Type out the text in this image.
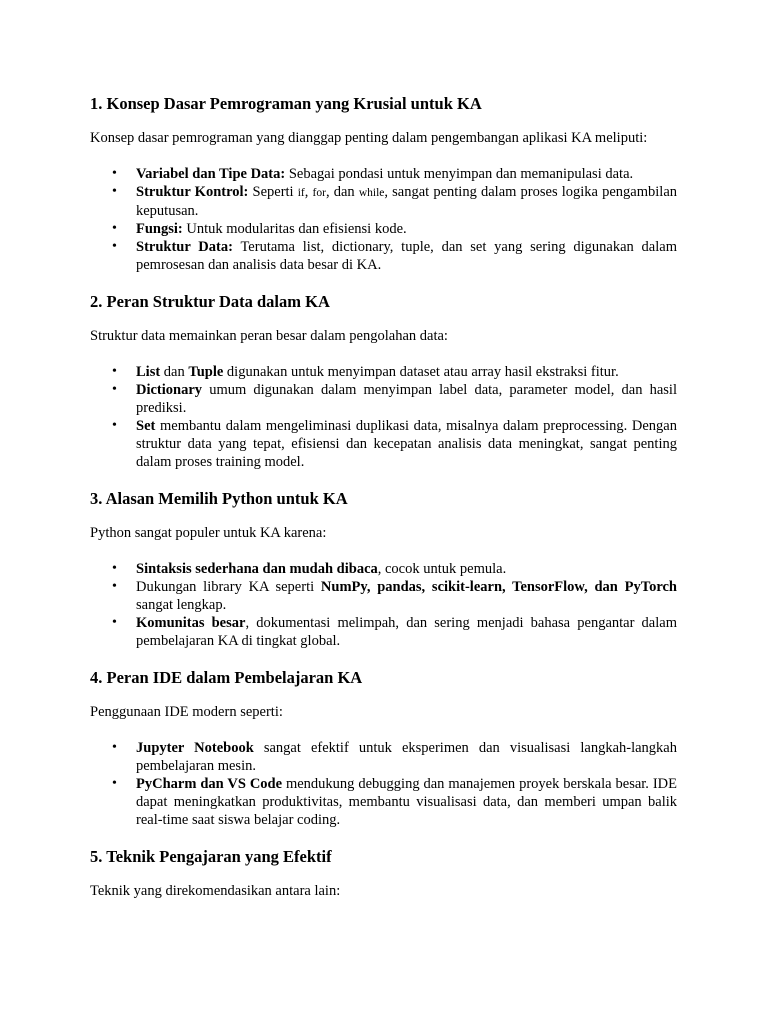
1. Konsep Dasar Pemrograman yang Krusial untuk KA

Konsep dasar pemrograman yang dianggap penting dalam pengembangan aplikasi KA meliputi:

• Variabel dan Tipe Data: Sebagai pondasi untuk menyimpan dan memanipulasi data.
• Struktur Kontrol: Seperti if, for, dan while, sangat penting dalam proses logika pengambilan keputusan.
• Fungsi: Untuk modularitas dan efisiensi kode.
• Struktur Data: Terutama list, dictionary, tuple, dan set yang sering digunakan dalam pemrosesan dan analisis data besar di KA.
2. Peran Struktur Data dalam KA

Struktur data memainkan peran besar dalam pengolahan data:

• List dan Tuple digunakan untuk menyimpan dataset atau array hasil ekstraksi fitur.
• Dictionary umum digunakan dalam menyimpan label data, parameter model, dan hasil prediksi.
• Set membantu dalam mengeliminasi duplikasi data, misalnya dalam preprocessing. Dengan struktur data yang tepat, efisiensi dan kecepatan analisis data meningkat, sangat penting dalam proses training model.
3. Alasan Memilih Python untuk KA

Python sangat populer untuk KA karena:

• Sintaksis sederhana dan mudah dibaca, cocok untuk pemula.
• Dukungan library KA seperti NumPy, pandas, scikit-learn, TensorFlow, dan PyTorch sangat lengkap.
• Komunitas besar, dokumentasi melimpah, dan sering menjadi bahasa pengantar dalam pembelajaran KA di tingkat global.
4. Peran IDE dalam Pembelajaran KA

Penggunaan IDE modern seperti:

• Jupyter Notebook sangat efektif untuk eksperimen dan visualisasi langkah-langkah pembelajaran mesin.
• PyCharm dan VS Code mendukung debugging dan manajemen proyek berskala besar. IDE dapat meningkatkan produktivitas, membantu visualisasi data, dan memberi umpan balik real-time saat siswa belajar coding.
5. Teknik Pengajaran yang Efektif

Teknik yang direkomendasikan antara lain:
